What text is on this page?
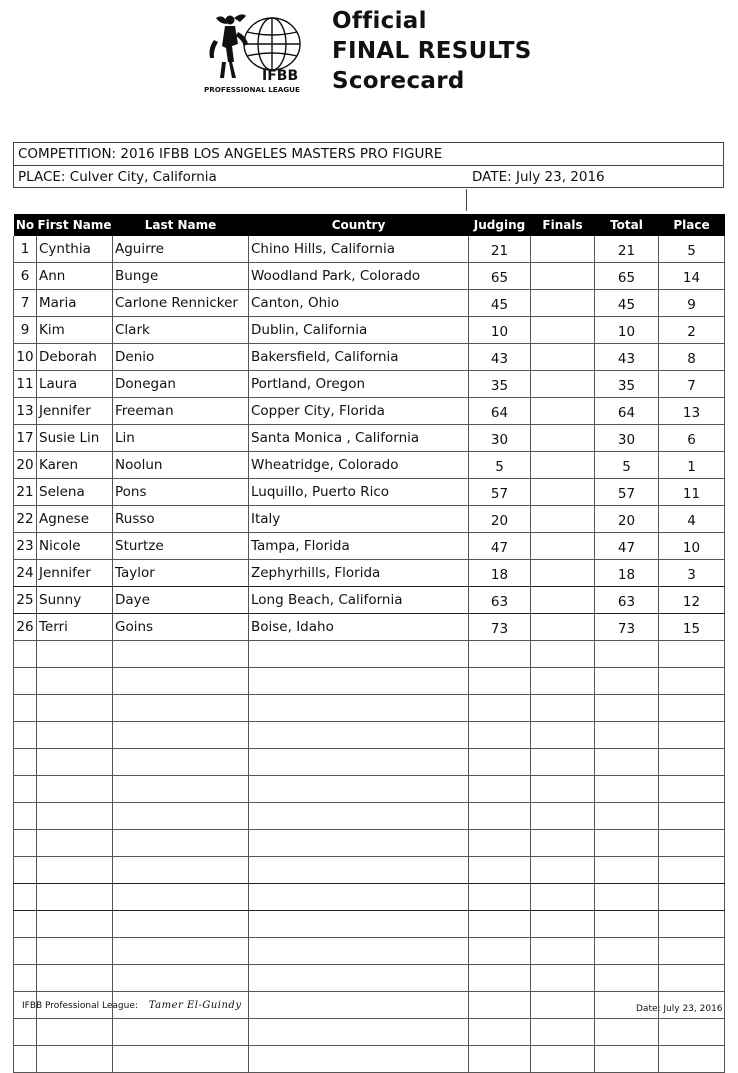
IFBB
PROFESSIONAL LEAGUE
Official
FINAL RESULTS
Scorecard
COMPETITION: 2016 IFBB LOS ANGELES MASTERS PRO FIGURE
PLACE: Culver City, California	DATE: July 23, 2016
No	First Name	Last Name	Country	Judging	Finals	Total	Place
1	Cynthia	Aguirre	Chino Hills, California	21		21	5
6	Ann	Bunge	Woodland Park, Colorado	65		65	14
7	Maria	Carlone Rennicker	Canton, Ohio	45		45	9
9	Kim	Clark	Dublin, California	10		10	2
10	Deborah	Denio	Bakersfield, California	43		43	8
11	Laura	Donegan	Portland, Oregon	35		35	7
13	Jennifer	Freeman	Copper City, Florida	64		64	13
17	Susie Lin	Lin	Santa Monica , California	30		30	6
20	Karen	Noolun	Wheatridge, Colorado	5		5	1
21	Selena	Pons	Luquillo, Puerto Rico	57		57	11
22	Agnese	Russo	Italy	20		20	4
23	Nicole	Sturtze	Tampa, Florida	47		47	10
24	Jennifer	Taylor	Zephyrhills, Florida	18		18	3
25	Sunny	Daye	Long Beach, California	63		63	12
26	Terri	Goins	Boise, Idaho	73		73	15

IFBB Professional League: Tamer El-Guindy	Date: July 23, 2016
